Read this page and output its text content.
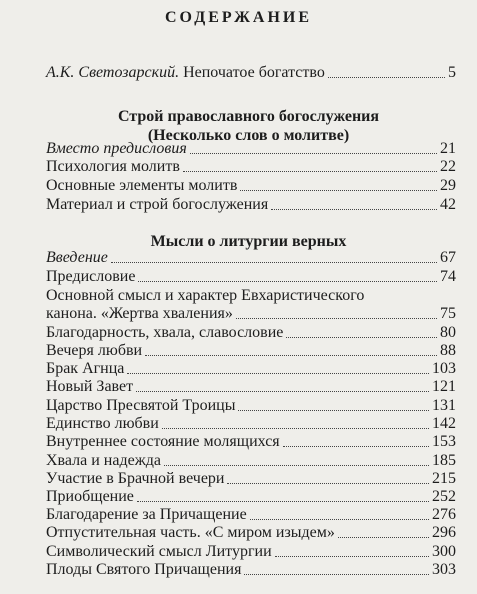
СОДЕРЖАНИЕ
А.К. Светозарский. Непочатое богатство	5
Строй православного богослужения
(Несколько слов о молитве)
Вместо предисловия	21
Психология молитв	22
Основные элементы молитв	29
Материал и строй богослужения	42
Мысли о литургии верных
Введение	67
Предисловие	74
Основной смысл и характер Евхаристического
канона. «Жертва хваления»	75
Благодарность, хвала, славословие	80
Вечеря любви	88
Брак Агнца	103
Новый Завет	121
Царство Пресвятой Троицы	131
Единство любви	142
Внутреннее состояние молящихся	153
Хвала и надежда	185
Участие в Брачной вечери	215
Приобщение	252
Благодарение за Причащение	276
Отпустительная часть. «С миром изыдем»	296
Символический смысл Литургии	300
Плоды Святого Причащения	303
